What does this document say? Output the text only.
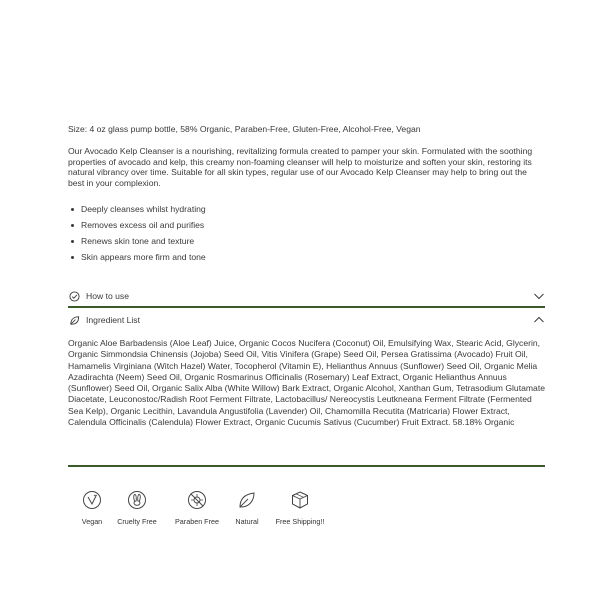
Size: 4 oz glass pump bottle, 58% Organic, Paraben-Free, Gluten-Free, Alcohol-Free, Vegan

Our Avocado Kelp Cleanser is a nourishing, revitalizing formula created to pamper your skin. Formulated with the soothing properties of avocado and kelp, this creamy non-foaming cleanser will help to moisturize and soften your skin, restoring its natural vibrancy over time. Suitable for all skin types, regular use of our Avocado Kelp Cleanser may help to bring out the best in your complexion.

Deeply cleanses whilst hydrating
Removes excess oil and purifies
Renews skin tone and texture
Skin appears more firm and tone
How to use
Ingredient List

Organic Aloe Barbadensis (Aloe Leaf) Juice, Organic Cocos Nucifera (Coconut) Oil, Emulsifying Wax, Stearic Acid, Glycerin, Organic Simmondsia Chinensis (Jojoba) Seed Oil, Vitis Vinifera (Grape) Seed Oil, Persea Gratissima (Avocado) Fruit Oil, Hamamelis Virginiana (Witch Hazel) Water, Tocopherol (Vitamin E), Helianthus Annuus (Sunflower) Seed Oil, Organic Melia Azadirachta (Neem) Seed Oil, Organic Rosmarinus Officinalis (Rosemary) Leaf Extract, Organic Helianthus Annuus (Sunflower) Seed Oil, Organic Salix Alba (White Willow) Bark Extract, Organic Alcohol, Xanthan Gum, Tetrasodium Glutamate Diacetate, Leuconostoc/Radish Root Ferment Filtrate, Lactobacillus/ Nereocystis Leutkneana Ferment Filtrate (Fermented Sea Kelp), Organic Lecithin, Lavandula Angustifolia (Lavender) Oil, Chamomilla Recutita (Matricaria) Flower Extract, Calendula Officinalis (Calendula) Flower Extract, Organic Cucumis Sativus (Cucumber) Fruit Extract. 58.18% Organic

Vegan Cruelty Free	Paraben Free Natural Free Shipping!!
